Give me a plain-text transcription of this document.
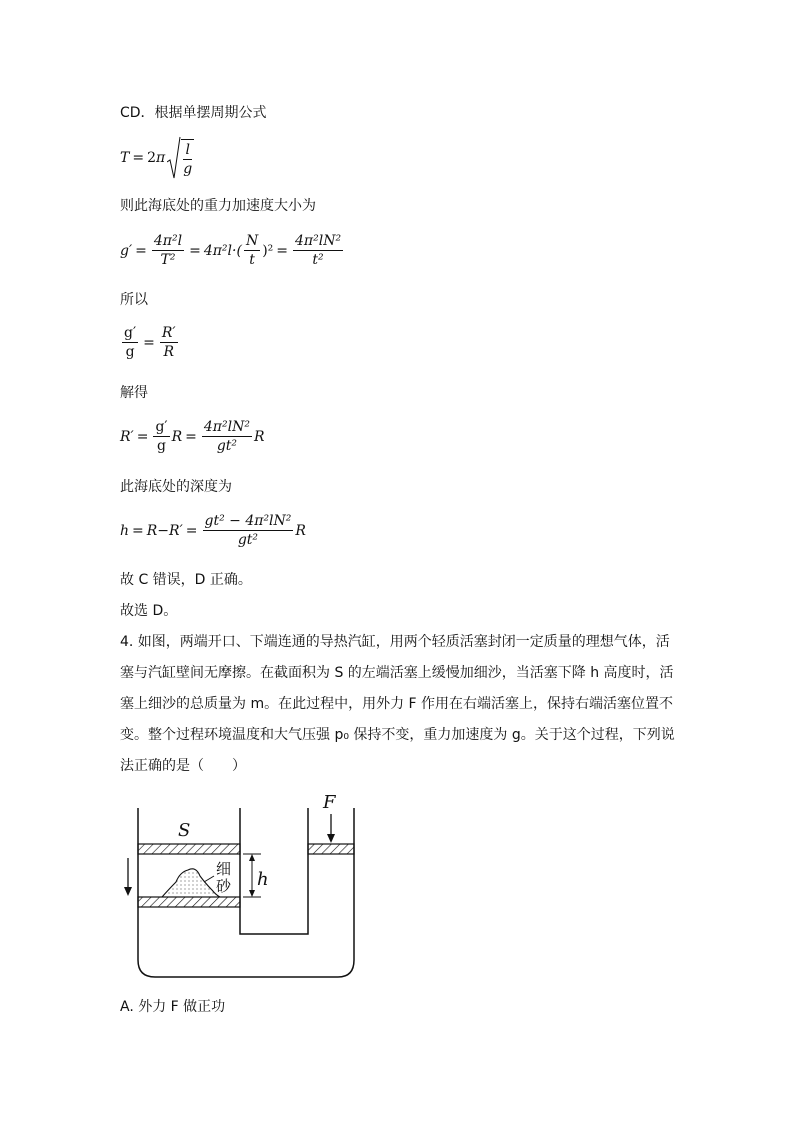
CD．根据单摆周期公式
T = 2 π $\frac{l}{g}$
则此海底处的重力加速度大小为
$g' = \frac{\text{4π²l}}{\text{T²}} = 4\pi^2l\cdot( \frac{N}{t} )^2 = \frac{\text{4π²lN²}}{\text{t²}}$
所以
$\frac{g'}{g} = \frac{R'}{R}$
解得
$R' = \frac{g'}{g}$ $R = \frac{\text{4π²lN²}}{\text{gt²}}$ R
此海底处的深度为
$h = R-R' = \frac{\text{gt² − 4π²lN²}}{\text{gt²}}$ R
故 C 错误，D 正确。
故选 D。
4. 如图，两端开口、下端连通的导热汽缸，用两个轻质活塞封闭一定质量的理想气体，活塞与汽缸壁间无摩擦。在截面积为 S 的左端活塞上缓慢加细沙，当活塞下降 h 高度时，活塞上细沙的总质量为 m。在此过程中，用外力 F 作用在右端活塞上，保持右端活塞位置不变。整个过程环境温度和大气压强 p₀ 保持不变，重力加速度为 g。关于这个过程，下列说法正确的是（　　）
S
F
h
细
砂
A. 外力 F 做正功
